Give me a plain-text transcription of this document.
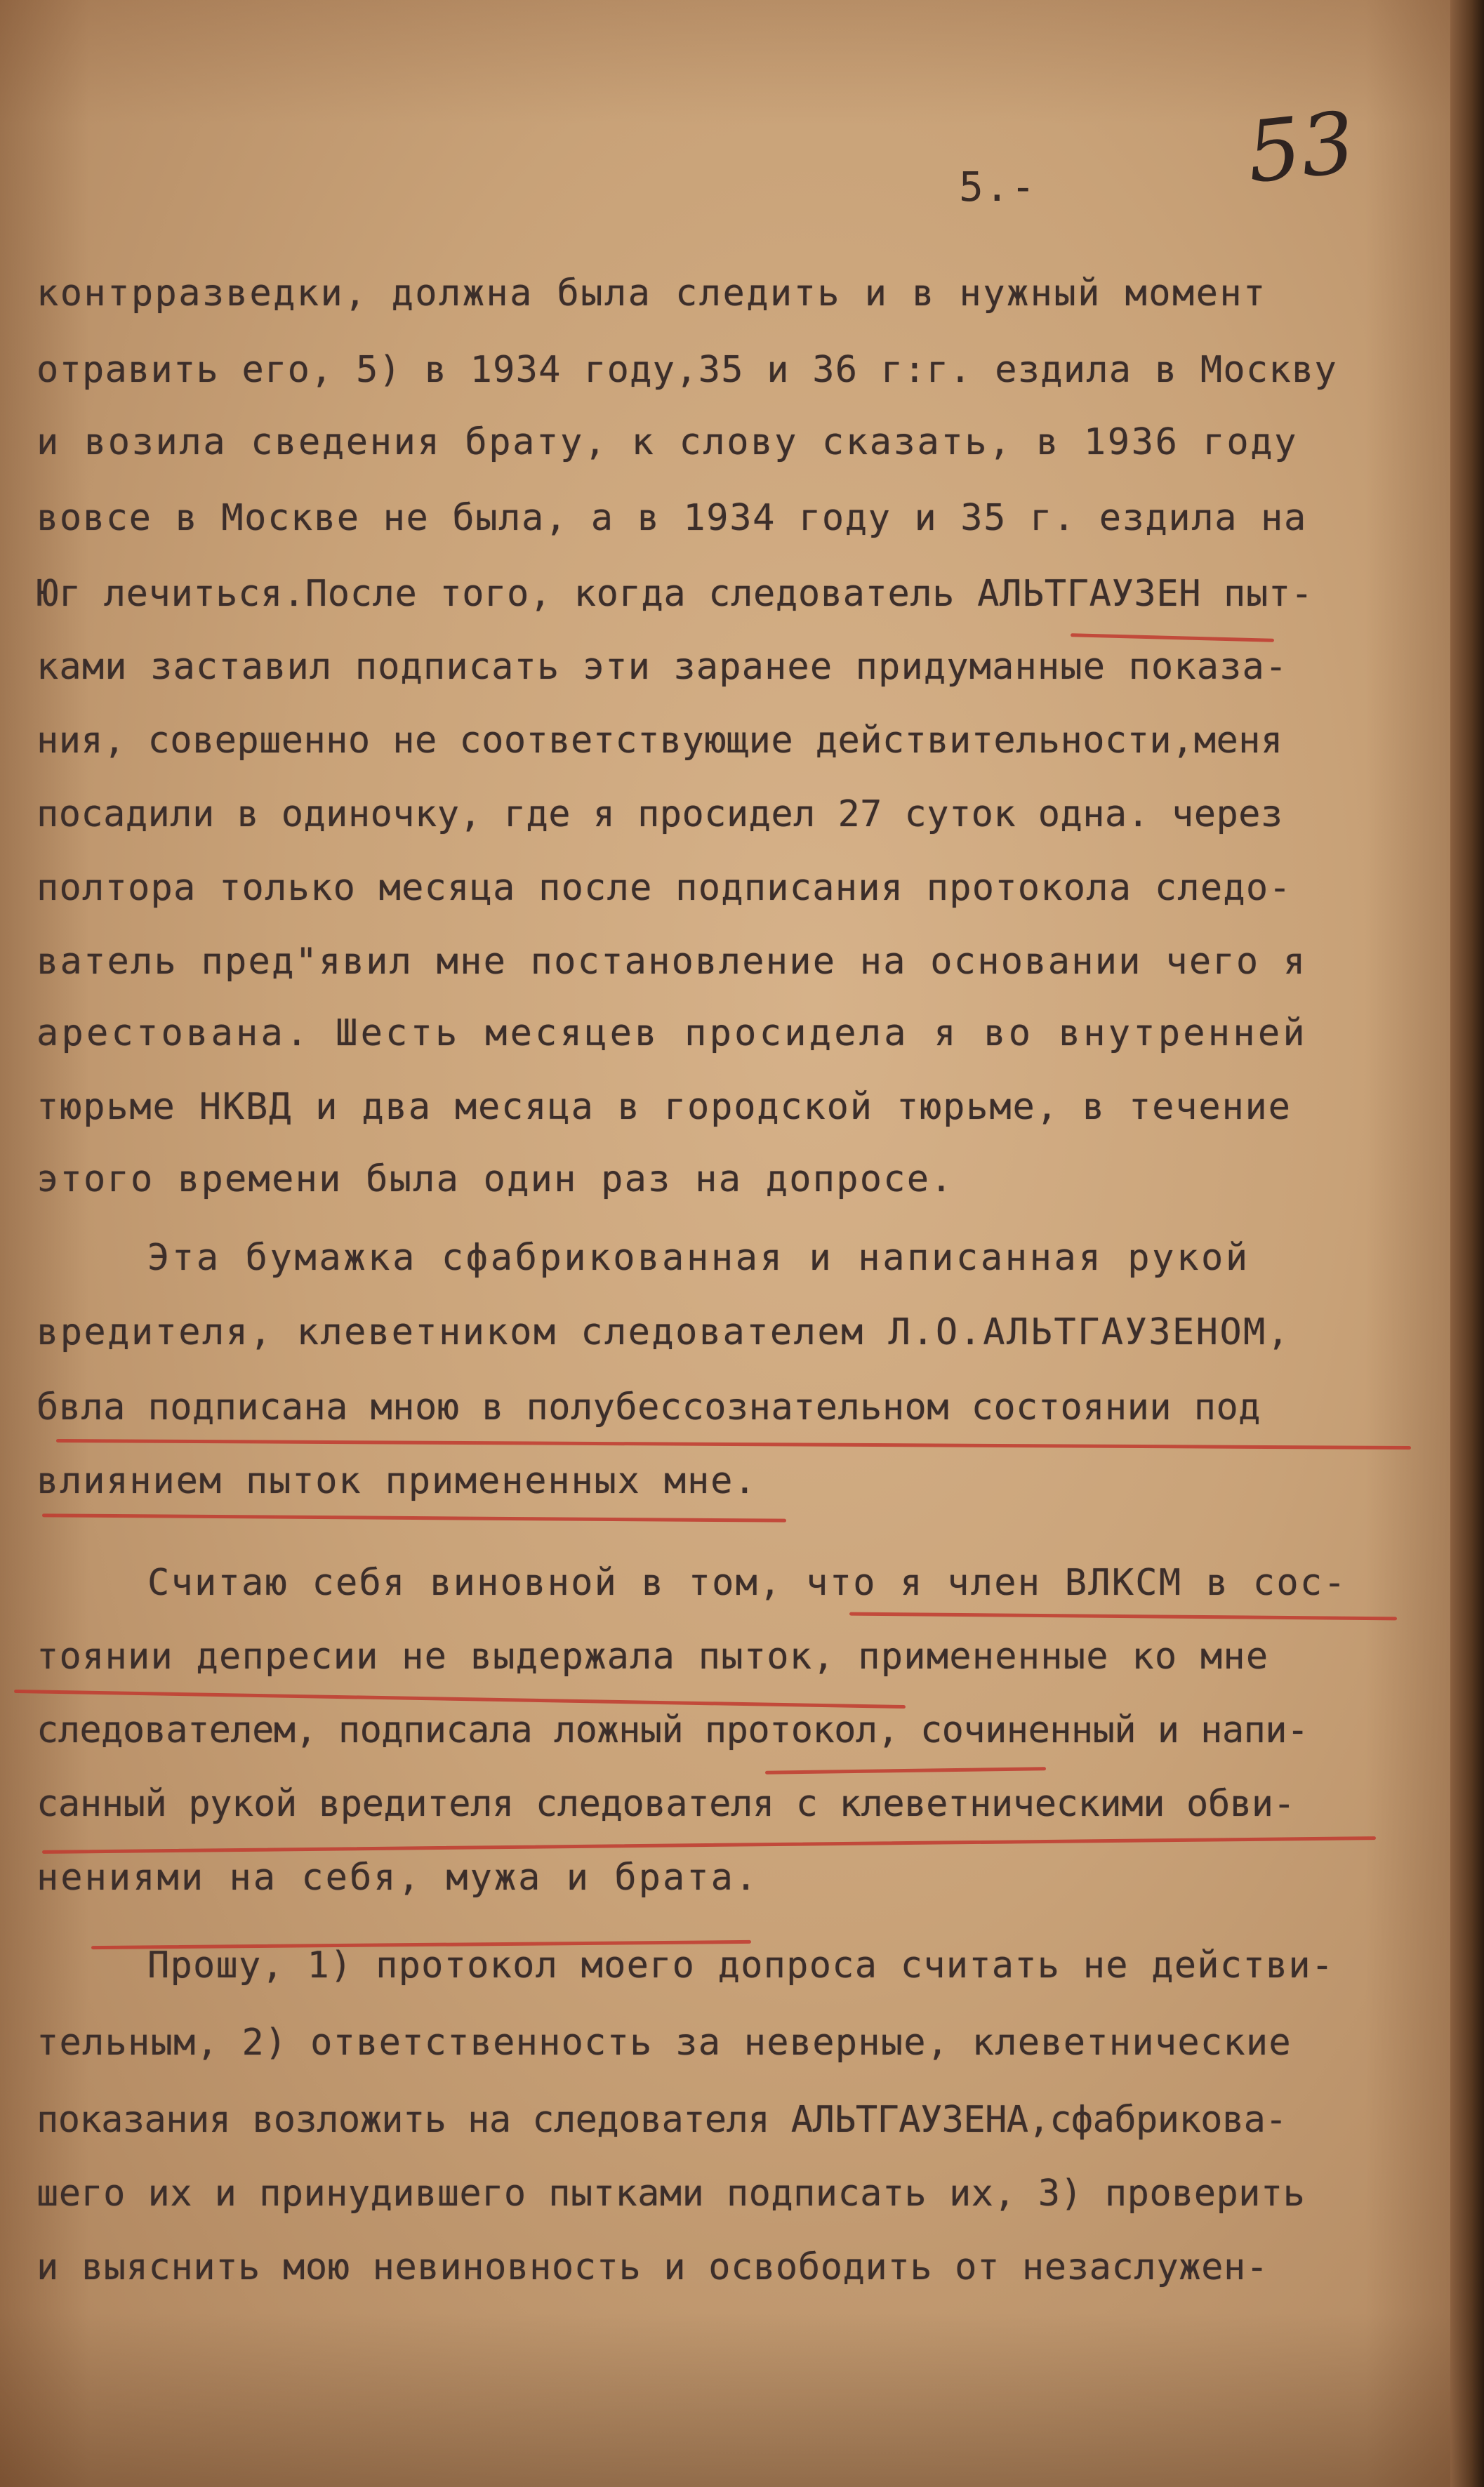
5.- 53
контрразведки, должна была следить и в нужный момент
отравить его, 5) в 1934 году,35 и 36 г:г. ездила в Москву
и возила сведения брату, к слову сказать, в 1936 году
вовсе в Москве не была, а в 1934 году и 35 г. ездила на
Юг лечиться.После того, когда следователь АЛЬТГАУЗЕН пыт-
ками заставил подписать эти заранее придуманные показа-
ния, совершенно не соответствующие действительности,меня
посадили в одиночку, где я просидел 27 суток одна. через
полтора только месяца после подписания протокола следо-
ватель пред"явил мне постановление на основании чего я
арестована. Шесть месяцев просидела я во внутренней
тюрьме НКВД и два месяца в городской тюрьме, в течение
этого времени была один раз на допросе.
Эта бумажка сфабрикованная и написанная рукой
вредителя, клеветником следователем Л.О.АЛЬТГАУЗЕНОМ,
бвла подписана мною в полубессознательном состоянии под
влиянием пыток примененных мне.
Считаю себя виновной в том, что я член ВЛКСМ в сос-
тоянии депресии не выдержала пыток, примененные ко мне
следователем, подписала ложный протокол, сочиненный и напи-
санный рукой вредителя следователя с клеветническими обви-
нениями на себя, мужа и брата.
Прошу, 1) протокол моего допроса считать не действи-
тельным, 2) ответственность за неверные, клеветнические
показания возложить на следователя АЛЬТГАУЗЕНА,сфабрикова-
шего их и принудившего пытками подписать их, 3) проверить
и выяснить мою невиновность и освободить от незаслужен-
